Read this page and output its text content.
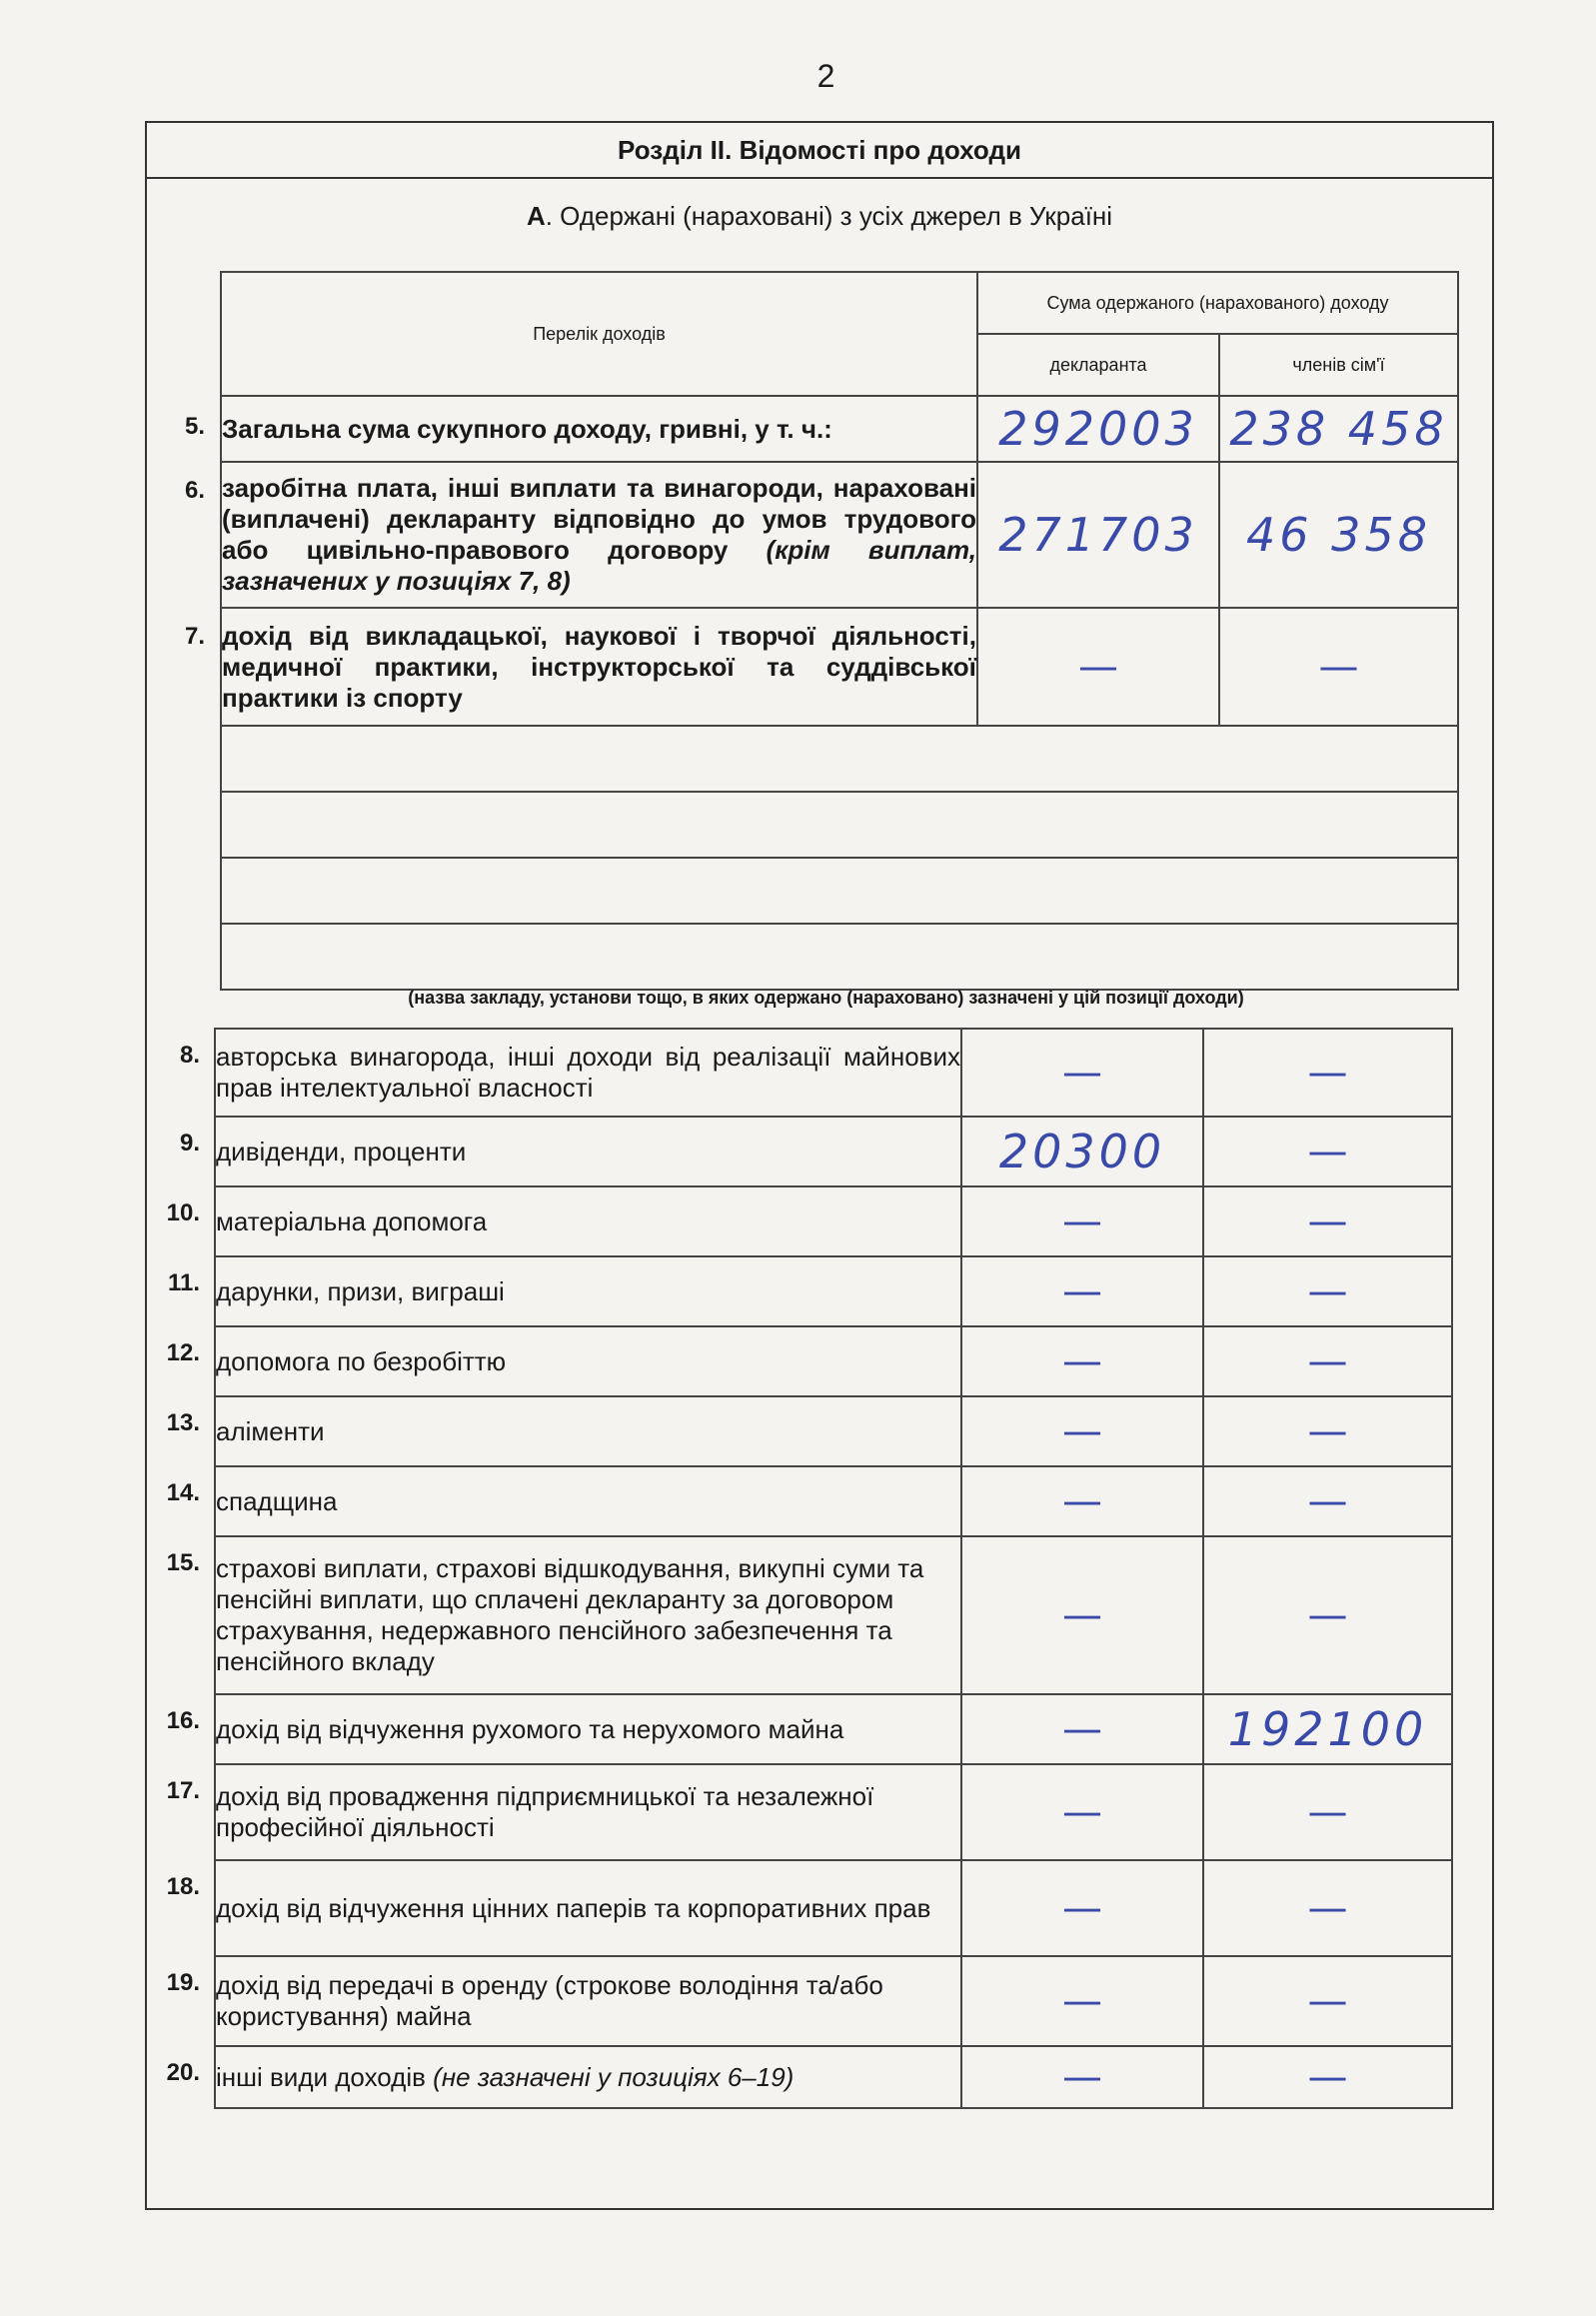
2
Розділ II. Відомості про доходи
А. Одержані (нараховані) з усіх джерел в Україні
Перелік доходів	Сума одержаного (нарахованого) доходу	
	декларанта	членів сім'ї
Загальна сума сукупного доходу, гривні, у т. ч.:	292003	238 458
заробітна плата, інші виплати та винагороди, нараховані (виплачені) декларанту відповідно до умов трудового або цивільно-правового договору (крім виплат, зазначених у позиціях 7, 8)	271703	46 358
дохід від викладацької, наукової і творчої діяльності, медичної практики, інструкторської та суддівської практики із спорту	—	—

(назва закладу, установи тощо, в яких одержано (нараховано) зазначені у цій позиції доходи)
5.
6.
7.
авторська винагорода, інші доходи від реалізації майнових прав інтелектуальної власності	—	—
дивіденди, проценти	20300	—
матеріальна допомога	—	—
дарунки, призи, виграші	—	—
допомога по безробіттю	—	—
аліменти	—	—
спадщина	—	—
страхові виплати, страхові відшкодування, викупні суми та пенсійні виплати, що сплачені декларанту за договором страхування, недержавного пенсійного забезпечення та пенсійного вкладу	—	—
дохід від відчуження рухомого та нерухомого майна	—	192100
дохід від провадження підприємницької та незалежної професійної діяльності	—	—
дохід від відчуження цінних паперів та корпоративних прав	—	—
дохід від передачі в оренду (строкове володіння та/або користування) майна	—	—
інші види доходів (не зазначені у позиціях 6–19)	—	—
8.
9.
10.
11.
12.
13.
14.
15.
16.
17.
18.
19.
20.
